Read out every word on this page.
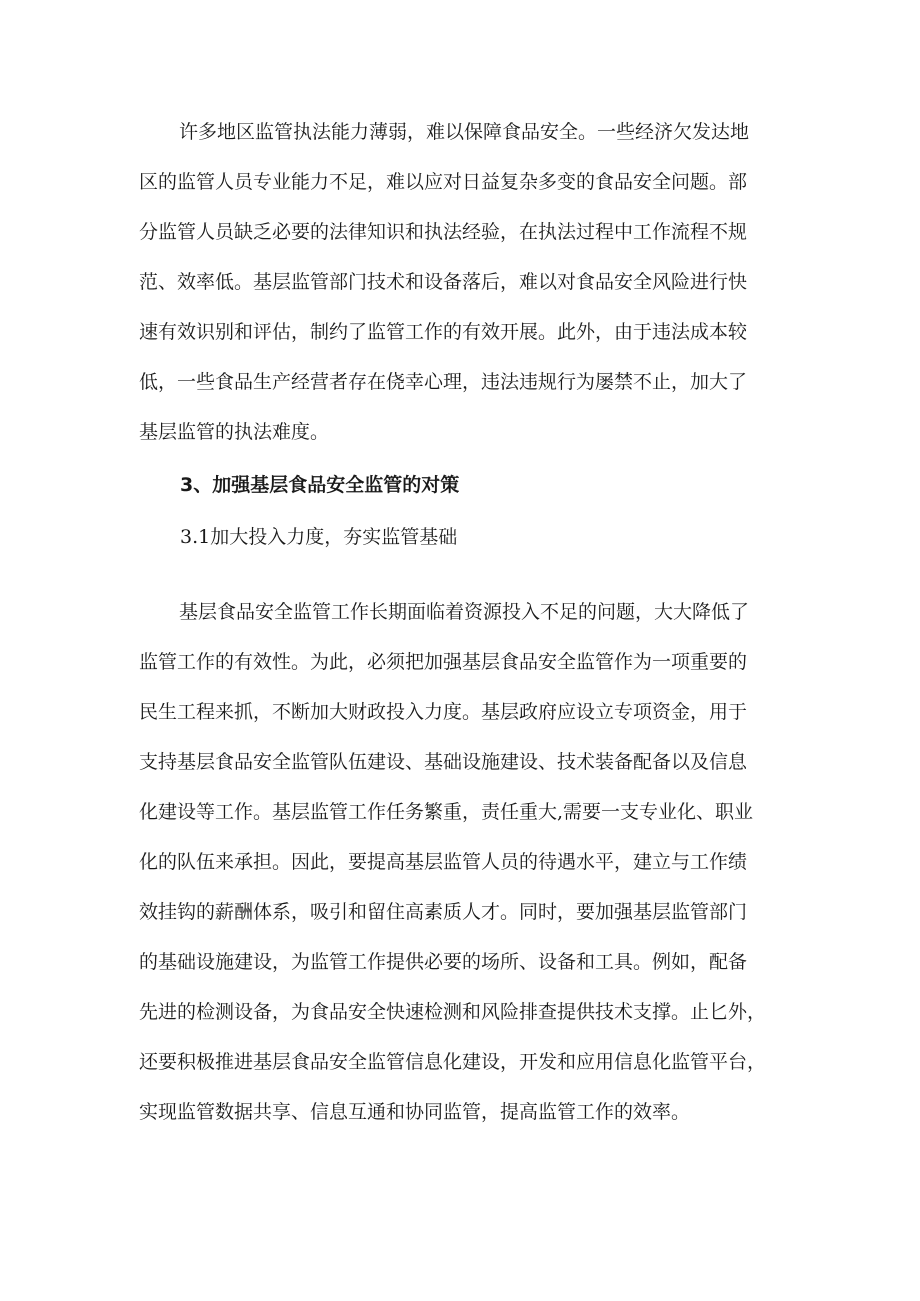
许多地区监管执法能力薄弱，难以保障食品安全。一些经济欠发达地

区的监管人员专业能力不足，难以应对日益复杂多变的食品安全问题。部

分监管人员缺乏必要的法律知识和执法经验，在执法过程中工作流程不规

范、效率低。基层监管部门技术和设备落后，难以对食品安全风险进行快

速有效识别和评估，制约了监管工作的有效开展。此外，由于违法成本较

低，一些食品生产经营者存在侥幸心理，违法违规行为屡禁不止，加大了

基层监管的执法难度。

3、加强基层食品安全监管的对策

3.1加大投入力度，夯实监管基础

基层食品安全监管工作长期面临着资源投入不足的问题，大大降低了

监管工作的有效性。为此，必须把加强基层食品安全监管作为一项重要的

民生工程来抓，不断加大财政投入力度。基层政府应设立专项资金，用于

支持基层食品安全监管队伍建设、基础设施建设、技术装备配备以及信息

化建设等工作。基层监管工作任务繁重，责任重大,需要一支专业化、职业

化的队伍来承担。因此，要提高基层监管人员的待遇水平，建立与工作绩

效挂钩的薪酬体系，吸引和留住高素质人才。同时，要加强基层监管部门

的基础设施建设，为监管工作提供必要的场所、设备和工具。例如，配备

先进的检测设备，为食品安全快速检测和风险排查提供技术支撑。止匕外，

还要积极推进基层食品安全监管信息化建设，开发和应用信息化监管平台，

实现监管数据共享、信息互通和协同监管，提高监管工作的效率。
